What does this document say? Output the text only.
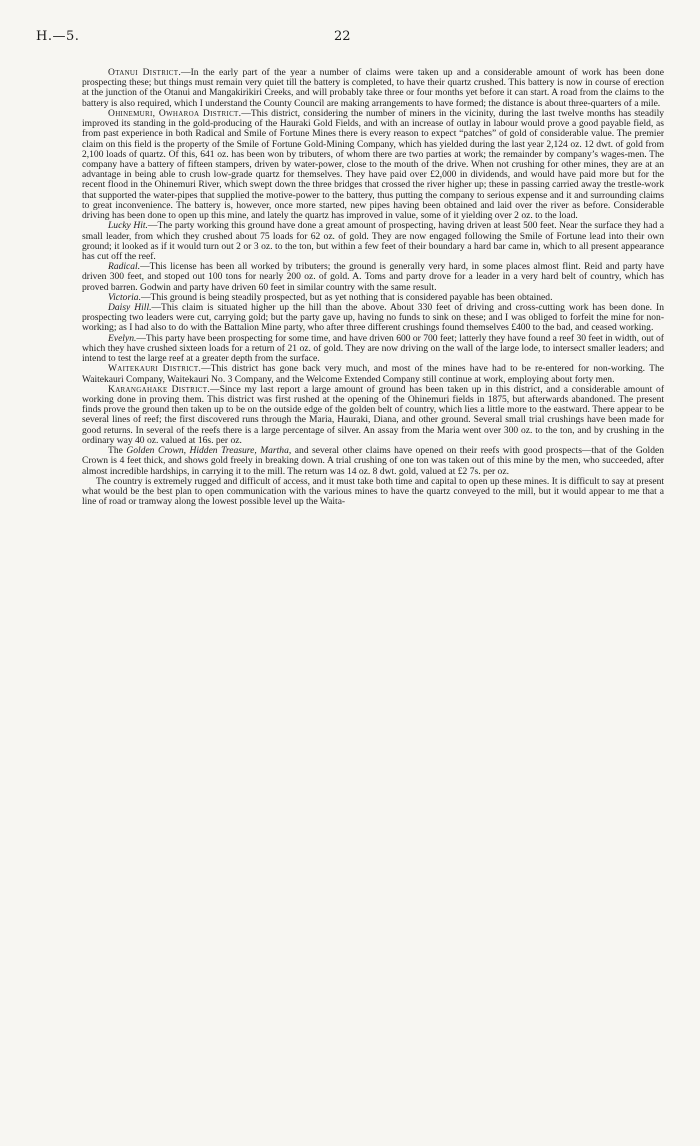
H.—5.	22

Otanui District.—In the early part of the year a number of claims were taken up and a considerable amount of work has been done prospecting these; but things must remain very quiet till the battery is completed, to have their quartz crushed. This battery is now in course of erection at the junction of the Otanui and Mangakirikiri Creeks, and will probably take three or four months yet before it can start. A road from the claims to the battery is also required, which I understand the County Council are making arrangements to have formed; the distance is about three-quarters of a mile.

Ohinemuri, Owharoa District.—This district, considering the number of miners in the vicinity, during the last twelve months has steadily improved its standing in the gold-producing of the Hauraki Gold Fields, and with an increase of outlay in labour would prove a good payable field, as from past experience in both Radical and Smile of Fortune Mines there is every reason to expect “patches” of gold of considerable value. The premier claim on this field is the property of the Smile of Fortune Gold-Mining Company, which has yielded during the last year 2,124 oz. 12 dwt. of gold from 2,100 loads of quartz. Of this, 641 oz. has been won by tributers, of whom there are two parties at work; the remainder by company’s wages-men. The company have a battery of fifteen stampers, driven by water-power, close to the mouth of the drive. When not crushing for other mines, they are at an advantage in being able to crush low-grade quartz for themselves. They have paid over £2,000 in dividends, and would have paid more but for the recent flood in the Ohinemuri River, which swept down the three bridges that crossed the river higher up; these in passing carried away the trestle-work that supported the water-pipes that supplied the motive-power to the battery, thus putting the company to serious expense and it and surrounding claims to great inconvenience. The battery is, however, once more started, new pipes having been obtained and laid over the river as before. Considerable driving has been done to open up this mine, and lately the quartz has improved in value, some of it yielding over 2 oz. to the load.

Lucky Hit.—The party working this ground have done a great amount of prospecting, having driven at least 500 feet. Near the surface they had a small leader, from which they crushed about 75 loads for 62 oz. of gold. They are now engaged following the Smile of Fortune lead into their own ground; it looked as if it would turn out 2 or 3 oz. to the ton, but within a few feet of their boundary a hard bar came in, which to all present appearance has cut off the reef.

Radical.—This license has been all worked by tributers; the ground is generally very hard, in some places almost flint. Reid and party have driven 300 feet, and stoped out 100 tons for nearly 200 oz. of gold. A. Toms and party drove for a leader in a very hard belt of country, which has proved barren. Godwin and party have driven 60 feet in similar country with the same result.

Victoria.—This ground is being steadily prospected, but as yet nothing that is considered payable has been obtained.

Daisy Hill.—This claim is situated higher up the hill than the above. About 330 feet of driving and cross-cutting work has been done. In prospecting two leaders were cut, carrying gold; but the party gave up, having no funds to sink on these; and I was obliged to forfeit the mine for non-working; as I had also to do with the Battalion Mine party, who after three different crushings found themselves £400 to the bad, and ceased working.

Evelyn.—This party have been prospecting for some time, and have driven 600 or 700 feet; latterly they have found a reef 30 feet in width, out of which they have crushed sixteen loads for a return of 21 oz. of gold. They are now driving on the wall of the large lode, to intersect smaller leaders; and intend to test the large reef at a greater depth from the surface.

Waitekauri District.—This district has gone back very much, and most of the mines have had to be re-entered for non-working. The Waitekauri Company, Waitekauri No. 3 Company, and the Welcome Extended Company still continue at work, employing about forty men.

Karangahake District.—Since my last report a large amount of ground has been taken up in this district, and a considerable amount of working done in proving them. This district was first rushed at the opening of the Ohinemuri fields in 1875, but afterwards abandoned. The present finds prove the ground then taken up to be on the outside edge of the golden belt of country, which lies a little more to the eastward. There appear to be several lines of reef; the first discovered runs through the Maria, Hauraki, Diana, and other ground. Several small trial crushings have been made for good returns. In several of the reefs there is a large percentage of silver. An assay from the Maria went over 300 oz. to the ton, and by crushing in the ordinary way 40 oz. valued at 16s. per oz.

The Golden Crown, Hidden Treasure, Martha, and several other claims have opened on their reefs with good prospects—that of the Golden Crown is 4 feet thick, and shows gold freely in breaking down. A trial crushing of one ton was taken out of this mine by the men, who succeeded, after almost incredible hardships, in carrying it to the mill. The return was 14 oz. 8 dwt. gold, valued at £2 7s. per oz.

The country is extremely rugged and difficult of access, and it must take both time and capital to open up these mines. It is difficult to say at present what would be the best plan to open communication with the various mines to have the quartz conveyed to the mill, but it would appear to me that a line of road or tramway along the lowest possible level up the Waita-
